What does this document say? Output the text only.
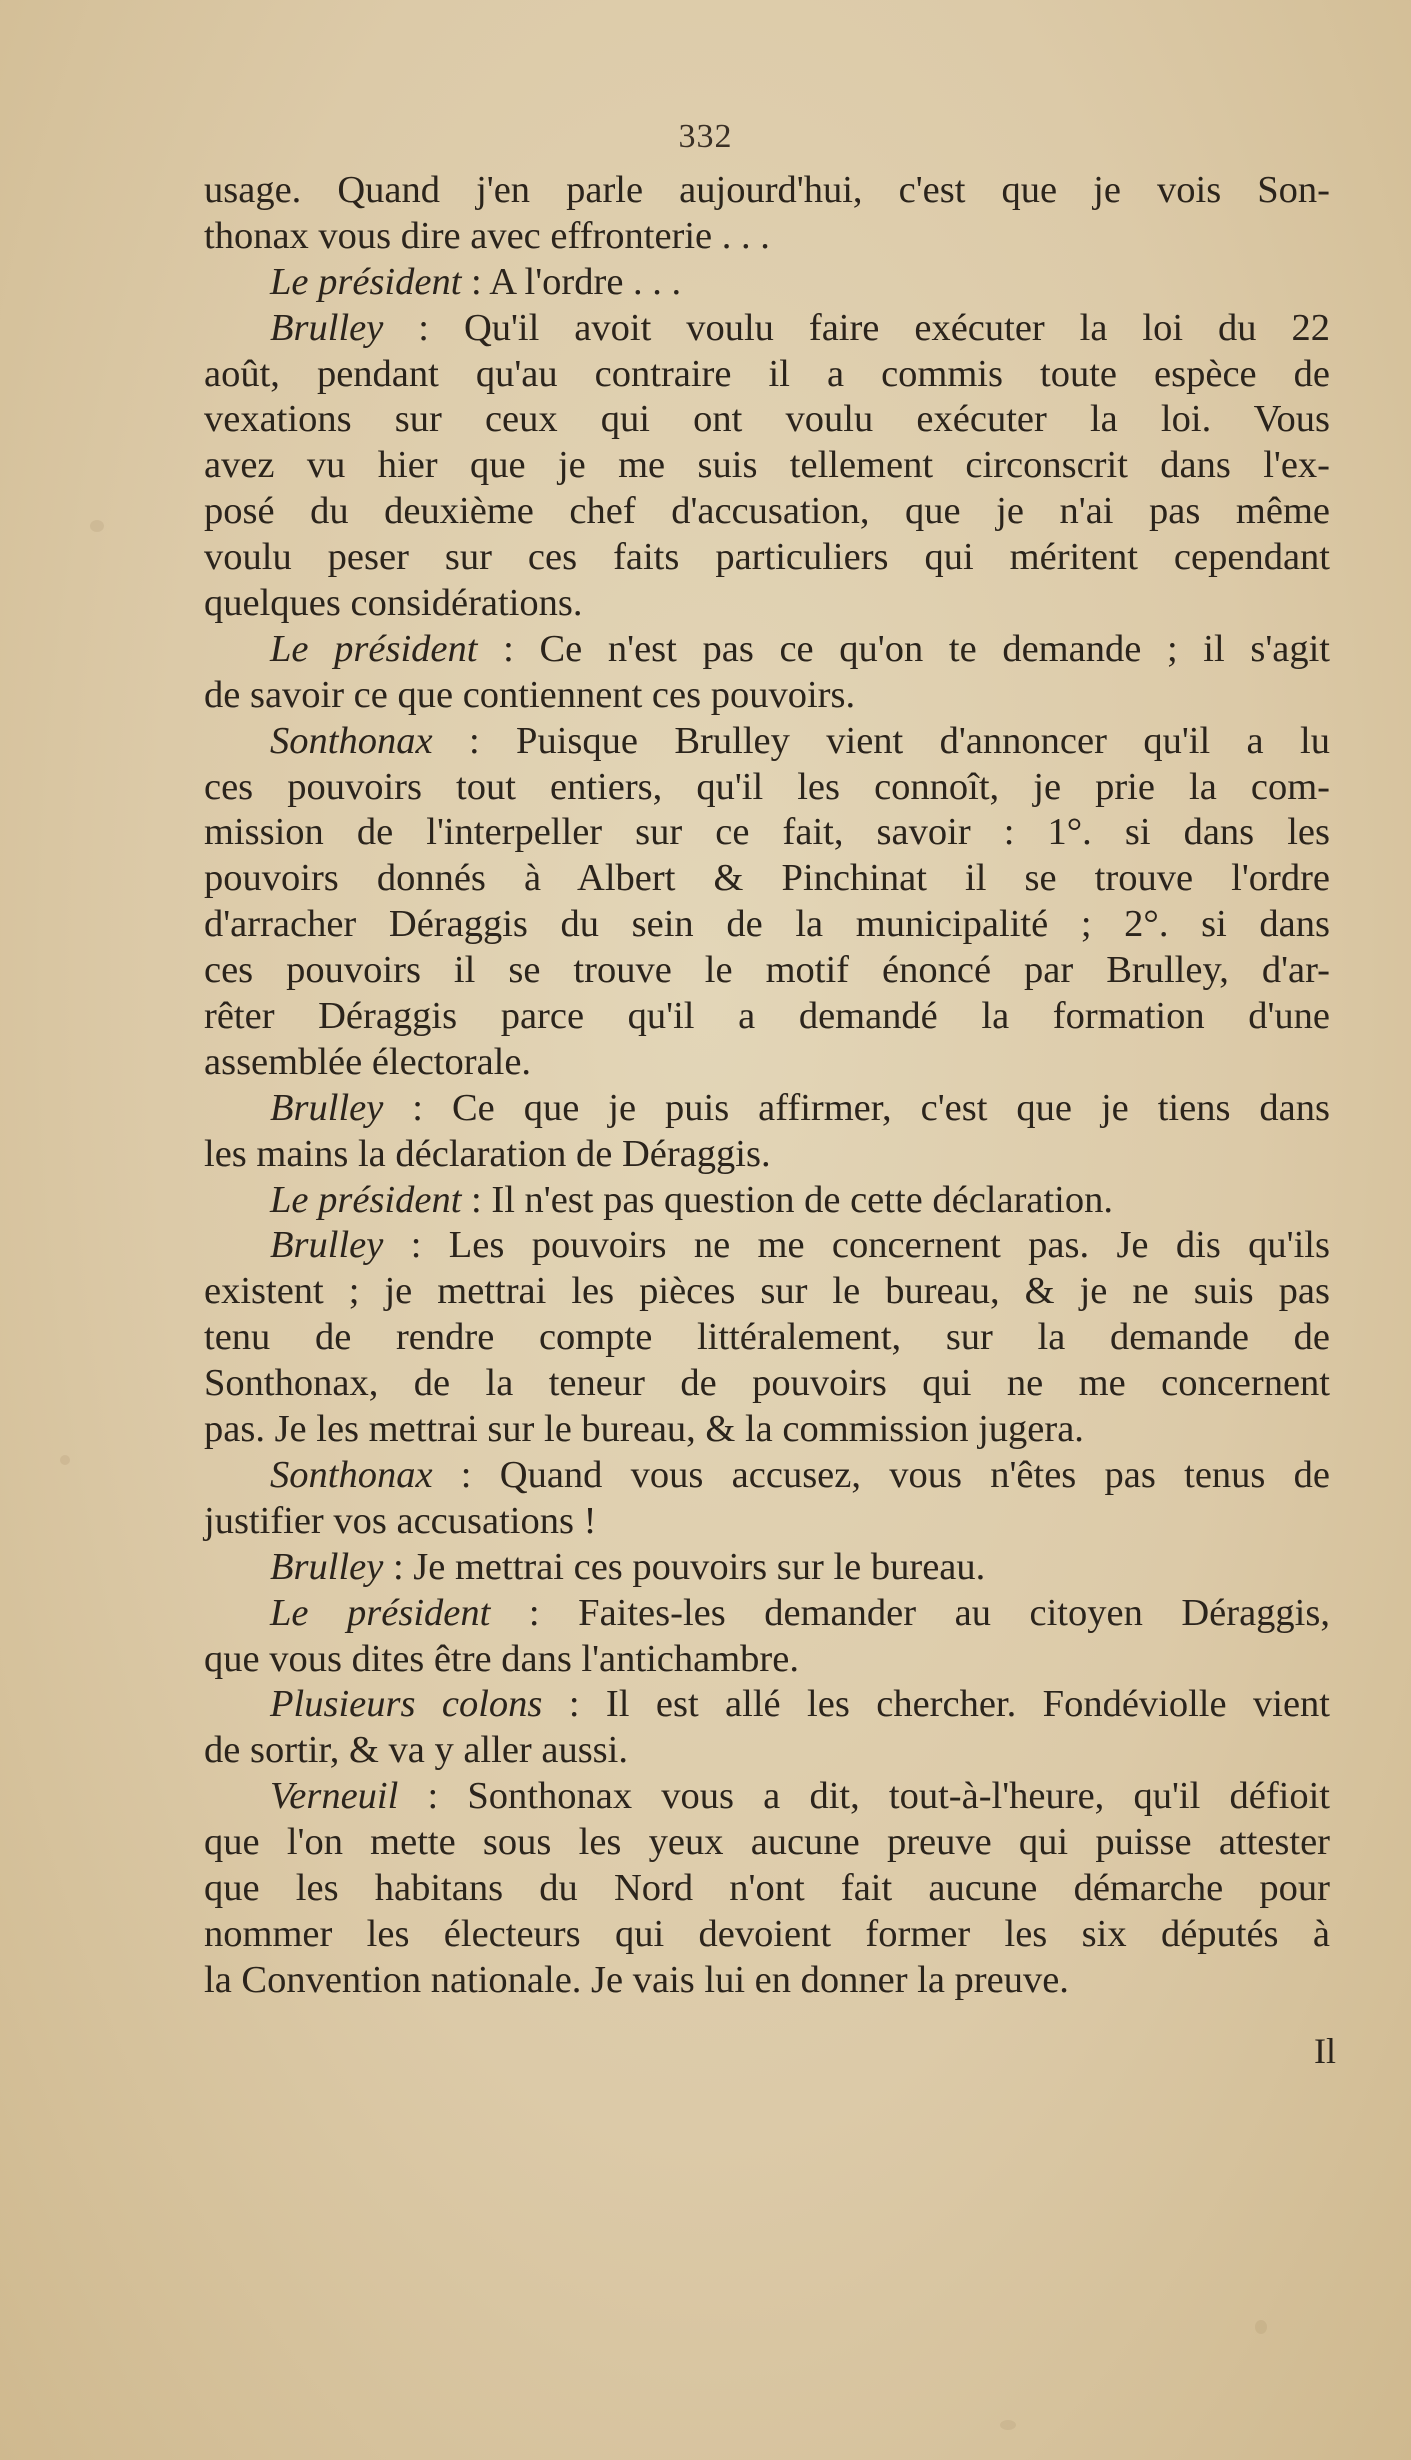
332
usage. Quand j'en parle aujourd'hui, c'est que je vois Son-
thonax vous dire avec effronterie . . .
Le président : A l'ordre . . .
Brulley : Qu'il avoit voulu faire exécuter la loi du 22
août, pendant qu'au contraire il a commis toute espèce de
vexations sur ceux qui ont voulu exécuter la loi. Vous
avez vu hier que je me suis tellement circonscrit dans l'ex-
posé du deuxième chef d'accusation, que je n'ai pas même
voulu peser sur ces faits particuliers qui méritent cependant
quelques considérations.
Le président : Ce n'est pas ce qu'on te demande ; il s'agit
de savoir ce que contiennent ces pouvoirs.
Sonthonax : Puisque Brulley vient d'annoncer qu'il a lu
ces pouvoirs tout entiers, qu'il les connoît, je prie la com-
mission de l'interpeller sur ce fait, savoir : 1°. si dans les
pouvoirs donnés à Albert & Pinchinat il se trouve l'ordre
d'arracher Déraggis du sein de la municipalité ; 2°. si dans
ces pouvoirs il se trouve le motif énoncé par Brulley, d'ar-
rêter Déraggis parce qu'il a demandé la formation d'une
assemblée électorale.
Brulley : Ce que je puis affirmer, c'est que je tiens dans
les mains la déclaration de Déraggis.
Le président : Il n'est pas question de cette déclaration.
Brulley : Les pouvoirs ne me concernent pas. Je dis qu'ils
existent ; je mettrai les pièces sur le bureau, & je ne suis pas
tenu de rendre compte littéralement, sur la demande de
Sonthonax, de la teneur de pouvoirs qui ne me concernent
pas. Je les mettrai sur le bureau, & la commission jugera.
Sonthonax : Quand vous accusez, vous n'êtes pas tenus de
justifier vos accusations !
Brulley : Je mettrai ces pouvoirs sur le bureau.
Le président : Faites-les demander au citoyen Déraggis,
que vous dites être dans l'antichambre.
Plusieurs colons : Il est allé les chercher. Fondéviolle vient
de sortir, & va y aller aussi.
Verneuil : Sonthonax vous a dit, tout-à-l'heure, qu'il défioit
que l'on mette sous les yeux aucune preuve qui puisse attester
que les habitans du Nord n'ont fait aucune démarche pour
nommer les électeurs qui devoient former les six députés à
la Convention nationale. Je vais lui en donner la preuve.
Il
